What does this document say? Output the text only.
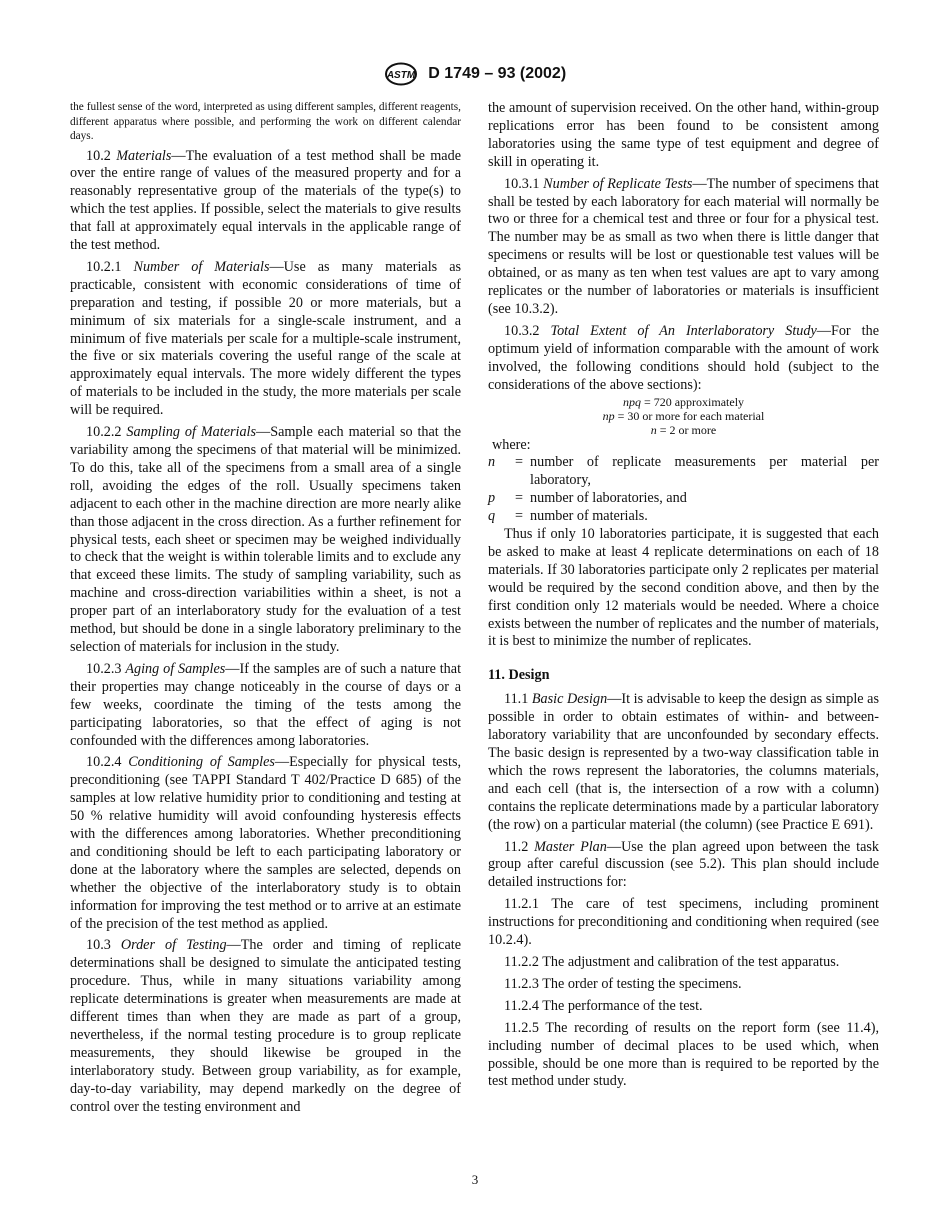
ASTM D 1749 – 93 (2002)

the fullest sense of the word, interpreted as using different samples, different reagents, different apparatus where possible, and performing the work on different calendar days.

10.2 Materials—The evaluation of a test method shall be made over the entire range of values of the measured property and for a reasonably representative group of the materials of the type(s) to which the test applies. If possible, select the materials to give results that fall at approximately equal intervals in the applicable range of the test method.

10.2.1 Number of Materials—Use as many materials as practicable, consistent with economic considerations of time of preparation and testing, if possible 20 or more materials, but a minimum of six materials for a single-scale instrument, and a minimum of five materials per scale for a multiple-scale instrument, the five or six materials covering the useful range of the scale at approximately equal intervals. The more widely different the types of materials to be included in the study, the more materials per scale will be required.

10.2.2 Sampling of Materials—Sample each material so that the variability among the specimens of that material will be minimized. To do this, take all of the specimens from a small area of a single roll, avoiding the edges of the roll. Usually specimens taken adjacent to each other in the machine direction are more nearly alike than those adjacent in the cross direction. As a further refinement for physical tests, each sheet or specimen may be weighed individually to check that the weight is within tolerable limits and to exclude any that exceed these limits. The study of sampling variability, such as machine and cross-direction variabilities within a sheet, is not a proper part of an interlaboratory study for the evaluation of a test method, but should be done in a single laboratory preliminary to the selection of materials for inclusion in the study.

10.2.3 Aging of Samples—If the samples are of such a nature that their properties may change noticeably in the course of days or a few weeks, coordinate the timing of the tests among the participating laboratories, so that the effect of aging is not confounded with the differences among laboratories.

10.2.4 Conditioning of Samples—Especially for physical tests, preconditioning (see TAPPI Standard T 402/Practice D 685) of the samples at low relative humidity prior to conditioning and testing at 50 % relative humidity will avoid confounding hysteresis effects with the differences among laboratories. Whether preconditioning and conditioning should be left to each participating laboratory or done at the laboratory where the samples are selected, depends on whether the objective of the interlaboratory study is to obtain information for improving the test method or to arrive at an estimate of the precision of the test method as applied.

10.3 Order of Testing—The order and timing of replicate determinations shall be designed to simulate the anticipated testing procedure. Thus, while in many situations variability among replicate determinations is greater when measurements are made at different times than when they are made as part of a group, nevertheless, if the normal testing procedure is to group replicate measurements, they should likewise be grouped in the interlaboratory study. Between group variability, as for example, day-to-day variability, may depend markedly on the degree of control over the testing environment and

the amount of supervision received. On the other hand, within-group replications error has been found to be consistent among laboratories using the same type of test equipment and degree of skill in operating it.

10.3.1 Number of Replicate Tests—The number of specimens that shall be tested by each laboratory for each material will normally be two or three for a chemical test and three or four for a physical test. The number may be as small as two when there is little danger that specimens or results will be lost or questionable test values will be obtained, or as many as ten when test values are apt to vary among replicates or the number of laboratories or materials is insufficient (see 10.3.2).

10.3.2 Total Extent of An Interlaboratory Study—For the optimum yield of information comparable with the amount of work involved, the following conditions should hold (subject to the considerations of the above sections):

npq = 720 approximately

np = 30 or more for each material

n = 2 or more

where:

n	=	number of replicate measurements per material per laboratory,
p	=	number of laboratories, and
q	=	number of materials.

Thus if only 10 laboratories participate, it is suggested that each be asked to make at least 4 replicate determinations on each of 18 materials. If 30 laboratories participate only 2 replicates per material would be required by the second condition above, and then by the first condition only 12 materials would be needed. Where a choice exists between the number of replicates and the number of materials, it is best to minimize the number of replicates.

11. Design

11.1 Basic Design—It is advisable to keep the design as simple as possible in order to obtain estimates of within- and between-laboratory variability that are unconfounded by secondary effects. The basic design is represented by a two-way classification table in which the rows represent the laboratories, the columns materials, and each cell (that is, the intersection of a row with a column) contains the replicate determinations made by a particular laboratory (the row) on a particular material (the column) (see Practice E 691).

11.2 Master Plan—Use the plan agreed upon between the task group after careful discussion (see 5.2). This plan should include detailed instructions for:

11.2.1 The care of test specimens, including prominent instructions for preconditioning and conditioning when required (see 10.2.4).

11.2.2 The adjustment and calibration of the test apparatus.

11.2.3 The order of testing the specimens.

11.2.4 The performance of the test.

11.2.5 The recording of results on the report form (see 11.4), including number of decimal places to be used which, when possible, should be one more than is required to be reported by the test method under study.

3
